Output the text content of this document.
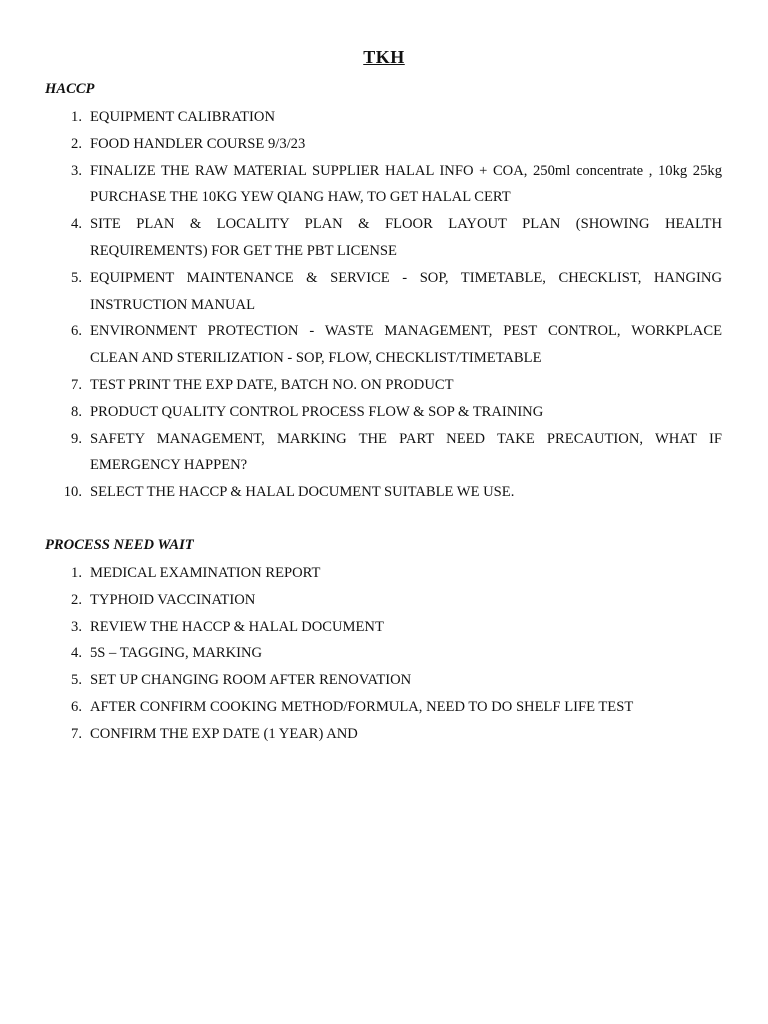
TKH
HACCP
1. EQUIPMENT CALIBRATION
2. FOOD HANDLER COURSE 9/3/23
3. FINALIZE THE RAW MATERIAL SUPPLIER HALAL INFO + COA, 250ml concentrate , 10kg 25kg PURCHASE THE 10KG YEW QIANG HAW, TO GET HALAL CERT
4. SITE PLAN & LOCALITY PLAN & FLOOR LAYOUT PLAN (SHOWING HEALTH REQUIREMENTS) FOR GET THE PBT LICENSE
5. EQUIPMENT MAINTENANCE & SERVICE - SOP, TIMETABLE, CHECKLIST, HANGING INSTRUCTION MANUAL
6. ENVIRONMENT PROTECTION - WASTE MANAGEMENT, PEST CONTROL, WORKPLACE CLEAN AND STERILIZATION - SOP, FLOW, CHECKLIST/TIMETABLE
7. TEST PRINT THE EXP DATE, BATCH NO. ON PRODUCT
8. PRODUCT QUALITY CONTROL PROCESS FLOW & SOP & TRAINING
9. SAFETY MANAGEMENT, MARKING THE PART NEED TAKE PRECAUTION, WHAT IF EMERGENCY HAPPEN?
10. SELECT THE HACCP & HALAL DOCUMENT SUITABLE WE USE.
PROCESS NEED WAIT
1. MEDICAL EXAMINATION REPORT
2. TYPHOID VACCINATION
3. REVIEW THE HACCP & HALAL DOCUMENT
4. 5S – TAGGING, MARKING
5. SET UP CHANGING ROOM AFTER RENOVATION
6. AFTER CONFIRM COOKING METHOD/FORMULA, NEED TO DO SHELF LIFE TEST
7. CONFIRM THE EXP DATE (1 YEAR) AND
